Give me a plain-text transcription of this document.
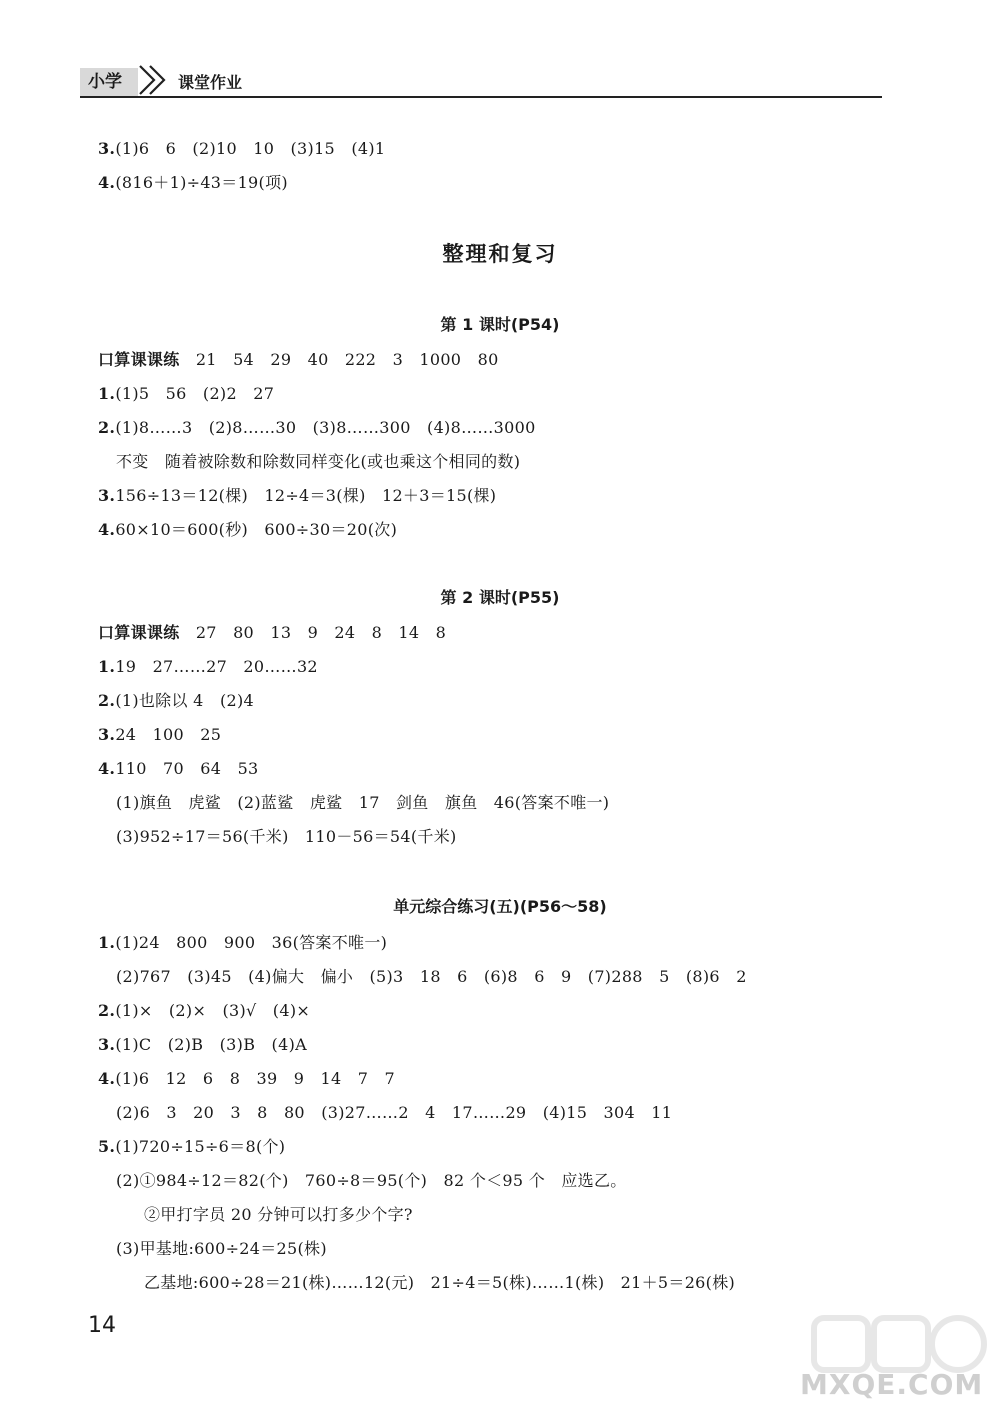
小学	课堂作业
3.(1)6　6　(2)10　10　(3)15　(4)1
4.(816＋1)÷43＝19(项)
整理和复习
第 1 课时(P54)
口算课课练　21　54　29　40　222　3　1000　80
1.(1)5　56　(2)2　27
2.(1)8……3　(2)8……30　(3)8……300　(4)8……3000
不变　随着被除数和除数同样变化(或也乘这个相同的数)
3.156÷13＝12(棵)　12÷4＝3(棵)　12＋3＝15(棵)
4.60×10＝600(秒)　600÷30＝20(次)
第 2 课时(P55)
口算课课练　27　80　13　9　24　8　14　8
1.19　27……27　20……32
2.(1)也除以 4　(2)4
3.24　100　25
4.110　70　64　53
(1)旗鱼　虎鲨　(2)蓝鲨　虎鲨　17　剑鱼　旗鱼　46(答案不唯一)
(3)952÷17＝56(千米)　110－56＝54(千米)
单元综合练习(五)(P56～58)
1.(1)24　800　900　36(答案不唯一)
(2)767　(3)45　(4)偏大　偏小　(5)3　18　6　(6)8　6　9　(7)288　5　(8)6　2
2.(1)×　(2)×　(3)√　(4)×
3.(1)C　(2)B　(3)B　(4)A
4.(1)6　12　6　8　39　9　14　7　7
(2)6　3　20　3　8　80　(3)27……2　4　17……29　(4)15　304　11
5.(1)720÷15÷6＝8(个)
(2)①984÷12＝82(个)　760÷8＝95(个)　82 个＜95 个　应选乙。
②甲打字员 20 分钟可以打多少个字?
(3)甲基地:600÷24＝25(株)
乙基地:600÷28＝21(株)……12(元)　21÷4＝5(株)……1(株)　21＋5＝26(株)
14
MXQE.COM
